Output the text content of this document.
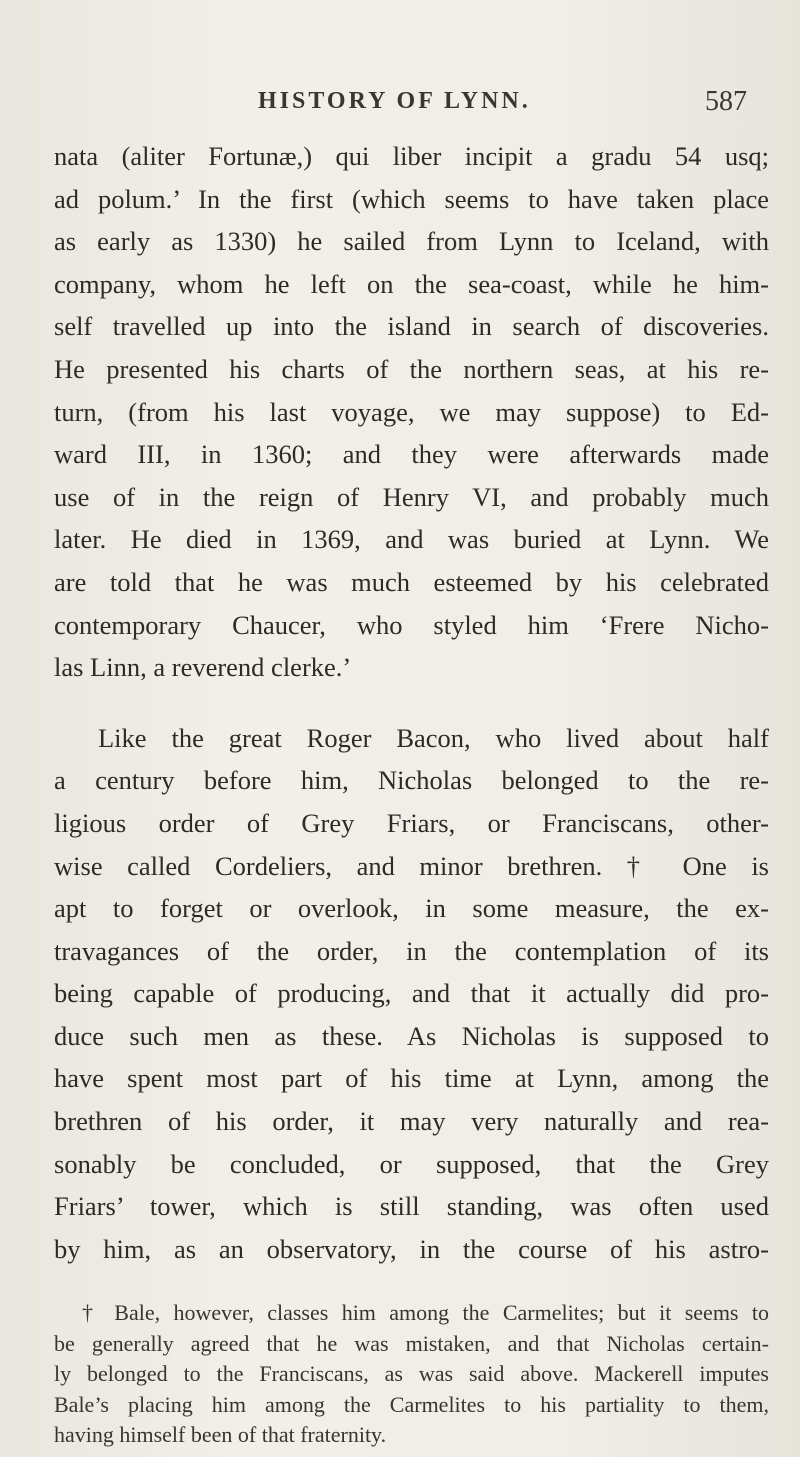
HISTORY OF LYNN.	587
nata (aliter Fortunæ,) qui liber incipit a gradu 54 usq;
ad polum.’ In the first (which seems to have taken place
as early as 1330) he sailed from Lynn to Iceland, with
company, whom he left on the sea-coast, while he him-
self travelled up into the island in search of discoveries.
He presented his charts of the northern seas, at his re-
turn, (from his last voyage, we may suppose) to Ed-
ward III, in 1360; and they were afterwards made
use of in the reign of Henry VI, and probably much
later. He died in 1369, and was buried at Lynn. We
are told that he was much esteemed by his celebrated
contemporary Chaucer, who styled him ‘Frere Nicho-
las Linn, a reverend clerke.’
Like the great Roger Bacon, who lived about half
a century before him, Nicholas belonged to the re-
ligious order of Grey Friars, or Franciscans, other-
wise called Cordeliers, and minor brethren. † One is
apt to forget or overlook, in some measure, the ex-
travagances of the order, in the contemplation of its
being capable of producing, and that it actually did pro-
duce such men as these. As Nicholas is supposed to
have spent most part of his time at Lynn, among the
brethren of his order, it may very naturally and rea-
sonably be concluded, or supposed, that the Grey
Friars’ tower, which is still standing, was often used
by him, as an observatory, in the course of his astro-
† Bale, however, classes him among the Carmelites; but it seems to
be generally agreed that he was mistaken, and that Nicholas certain-
ly belonged to the Franciscans, as was said above. Mackerell imputes
Bale’s placing him among the Carmelites to his partiality to them,
having himself been of that fraternity.
